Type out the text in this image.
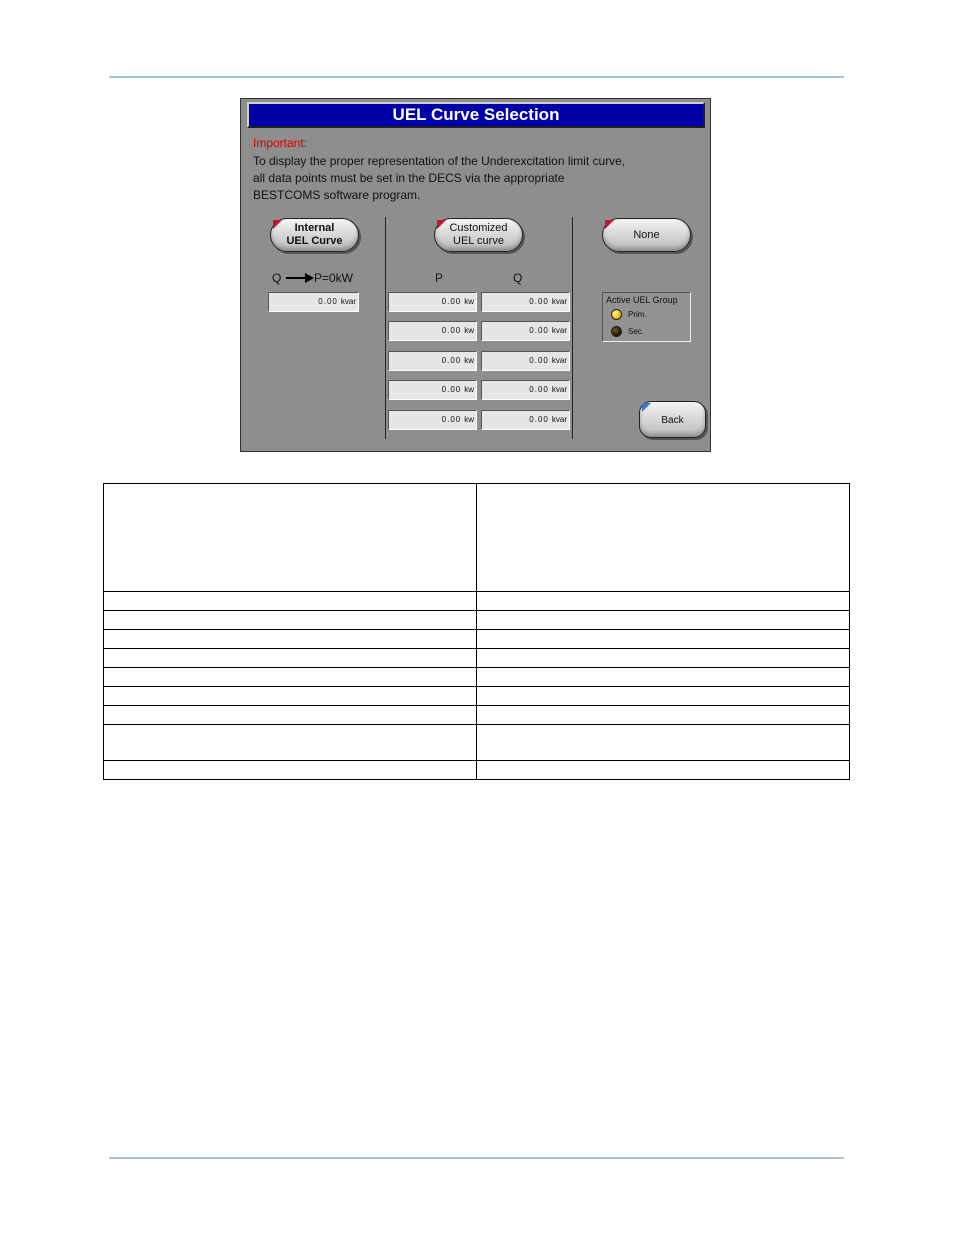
UEL Curve Selection
Important:
To display the proper representation of the Underexcitation limit curve,
all data points must be set in the DECS via the appropriate
BESTCOMS software program.
Internal
UEL Curve
Customized
UEL curve	None
Q	P=0kW
0.00 kvar
P	Q
0.00 kw	0.00 kvar
0.00 kw	0.00 kvar
0.00 kw	0.00 kvar
0.00 kw	0.00 kvar
0.00 kw	0.00 kvar
Active UEL Group
Prim.
Sec.
Back
